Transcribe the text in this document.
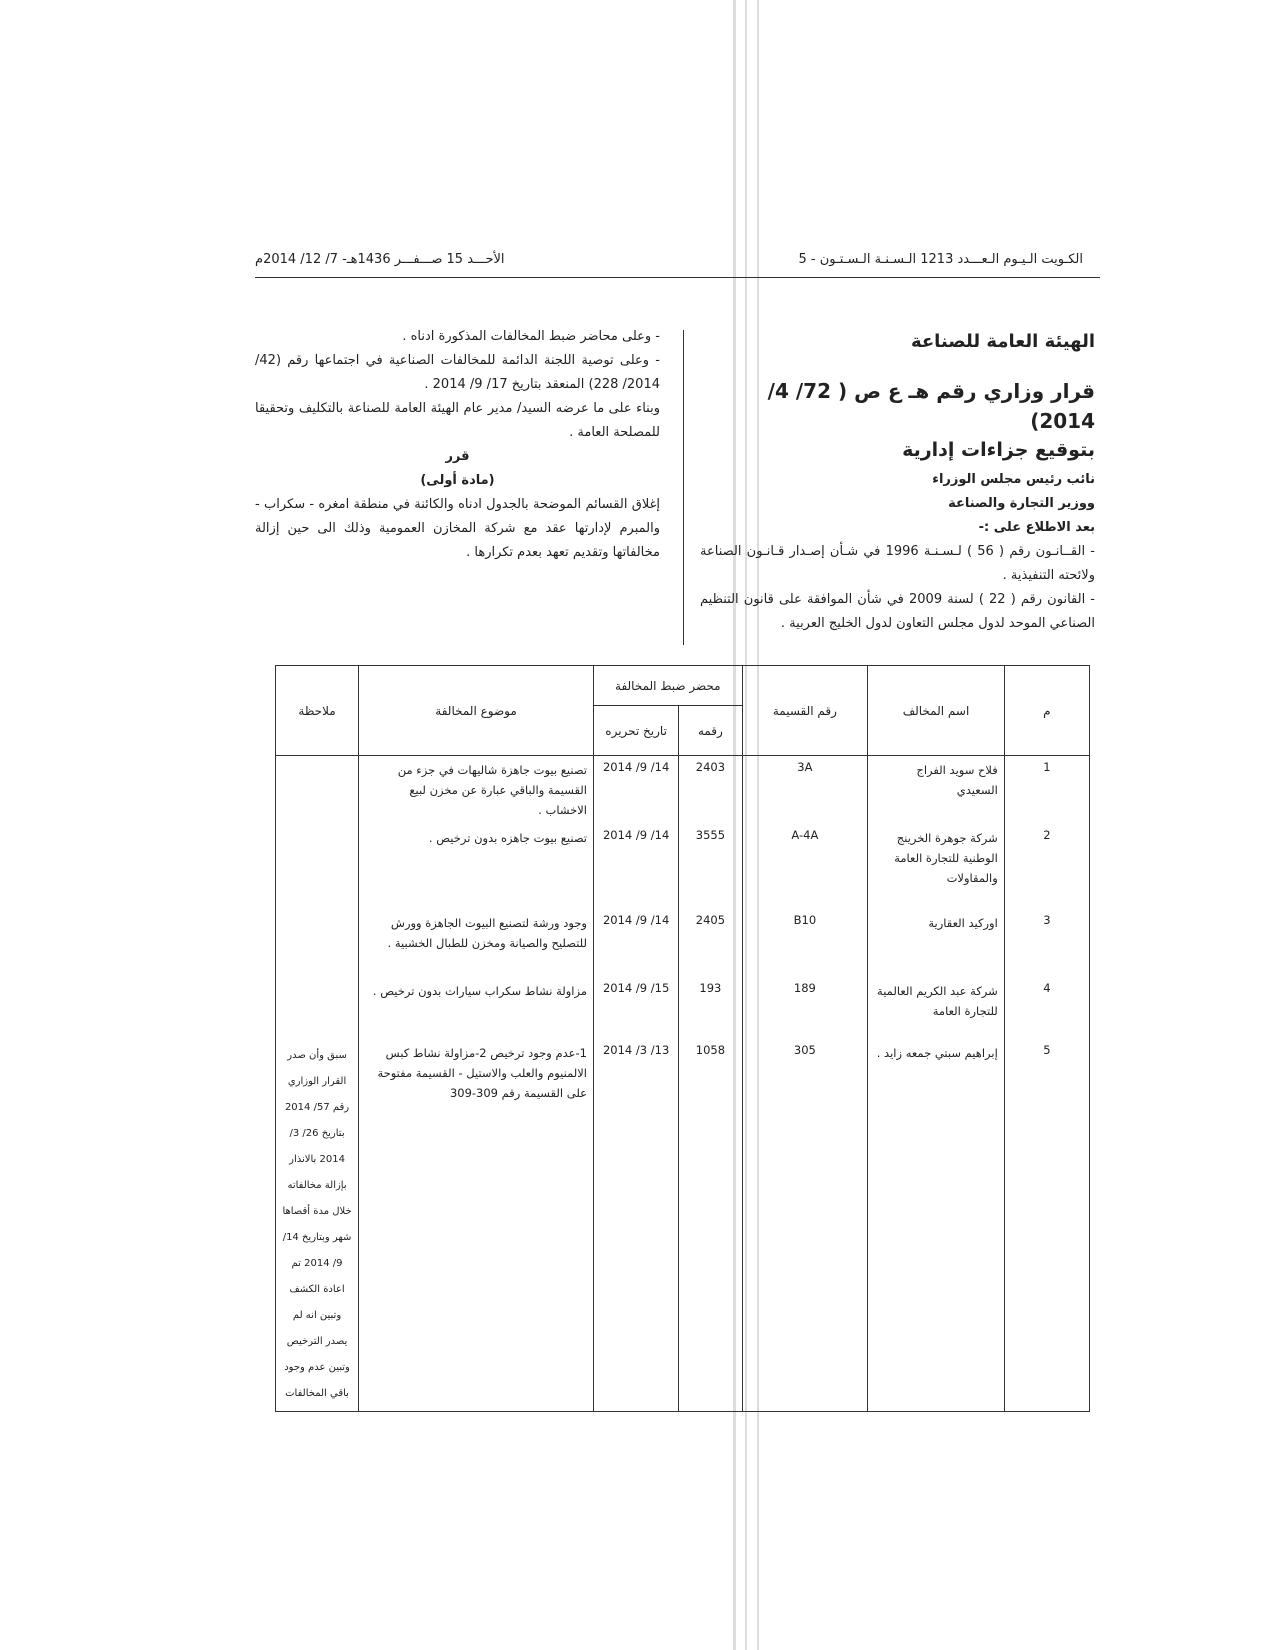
الأحـــد 15 صـــفـــر 1436هـ- 7/ 12/ 2014م	الكـويت الـيـوم الـعـــدد 1213 الـسـنـة الـسـتـون - 5
الهيئة العامة للصناعة
قرار وزاري رقم هـ ع ص ( 72/ 4/ 2014)
بتوقيع جزاءات إدارية

نائب رئيس مجلس الوزراء

ووزير التجارة والصناعة

بعد الاطلاع على :-

- القــانـون رقم ( 56 ) لـسـنـة 1996 في شـأن إصـدار قـانـون الصناعة ولائحته التنفيذية .

- القانون رقم ( 22 ) لسنة 2009 في شأن الموافقة على قانون التنظيم الصناعي الموحد لدول مجلس التعاون لدول الخليج العربية .

- وعلى محاضر ضبط المخالفات المذكورة ادناه .

- وعلى توصية اللجنة الدائمة للمخالفات الصناعية في اجتماعها رقم (42/ 2014/ 228) المنعقد بتاريخ 17/ 9/ 2014 .

وبناء على ما عرضه السيد/ مدير عام الهيئة العامة للصناعة بالتكليف وتحقيقا للمصلحة العامة .

قرر

(مادة أولى)

إغلاق القسائم الموضحة بالجدول ادناه والكائنة في منطقة امغره - سكراب - والمبرم لإدارتها عقد مع شركة المخازن العمومية وذلك الى حين إزالة مخالفاتها وتقديم تعهد بعدم تكرارها .

م	اسم المخالف	رقم القسيمة	محضر ضبط المخالفة		موضوع المخالفة	ملاحظة
			رقمه	تاريخ تحريره		
1	فلاح سويد الفراج السعيدي	3A	2403	14/ 9/ 2014	تصنيع بيوت جاهزة شاليهات في جزء من القسيمة والباقي عبارة عن مخزن لبيع الاخشاب .	
2	شركة جوهرة الخرينج الوطنية للتجارة العامة والمقاولات	A-4A	3555	14/ 9/ 2014	تصنيع بيوت جاهزه بدون ترخيص .	
3	اوركيد العقارية	B10	2405	14/ 9/ 2014	وجود ورشة لتصنيع البيوت الجاهزة وورش للتصليح والصيانة ومخزن للطبال الخشبية .	
4	شركة عبد الكريم العالمية للتجارة العامة	189	193	15/ 9/ 2014	مزاولة نشاط سكراب سيارات بدون ترخيص .	
5	إبراهيم سبتي جمعه زايد .	305	1058	13/ 3/ 2014	1-عدم وجود ترخيص 2-مزاولة نشاط كبس الالمنيوم والعلب والاستيل - القسيمة مفتوحة على القسيمة رقم 309-309	سبق وأن صدر القرار الوزاري رقم 57/ 2014 بتاريخ 26/ 3/ 2014 بالانذار بإزالة مخالفاته خلال مدة أقصاها شهر وبتاريخ 14/ 9/ 2014 تم اعادة الكشف وتبين انه لم يصدر الترخيص وتبين عدم وجود باقي المخالفات
